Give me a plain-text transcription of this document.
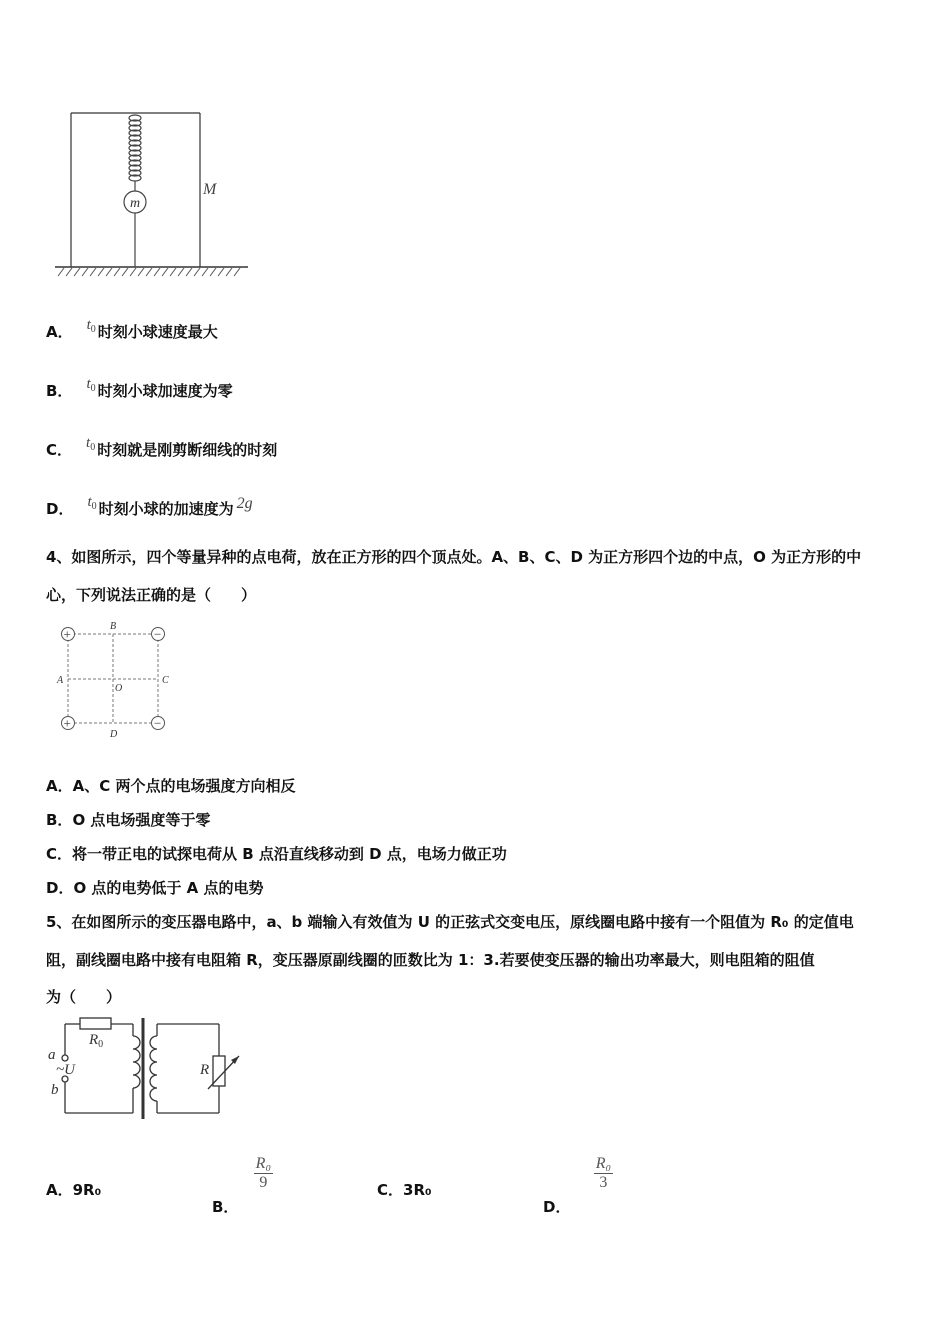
m
M
A． $t_0$ 时刻小球速度最大
B． $t_0$ 时刻小球加速度为零
C． $t_0$ 时刻就是刚剪断细线的时刻
D． $t_0$ 时刻小球的加速度为 2g
4、如图所示，四个等量异种的点电荷，放在正方形的四个顶点处。A、B、C、D 为正方形四个边的中点，O 为正方形的中
心，下列说法正确的是（　　）
+	−
+	−
B
A
O
C
D
A．A、C 两个点的电场强度方向相反
B．O 点电场强度等于零
C．将一带正电的试探电荷从 B 点沿直线移动到 D 点，电场力做正功
D．O 点的电势低于 A 点的电势
5、在如图所示的变压器电路中，a、b 端输入有效值为 U 的正弦式交变电压，原线圈电路中接有一个阻值为 R₀ 的定值电
阻，副线圈电路中接有电阻箱 R，变压器原副线圈的匝数比为 1：3.若要使变压器的输出功率最大，则电阻箱的阻值
为（　　）
$R_0$
a
~U
b
R
A．9R₀
B．
$\frac{\text{R₀}}{9}$	C．3R₀
D．
$\frac{\text{R₀}}{3}$
